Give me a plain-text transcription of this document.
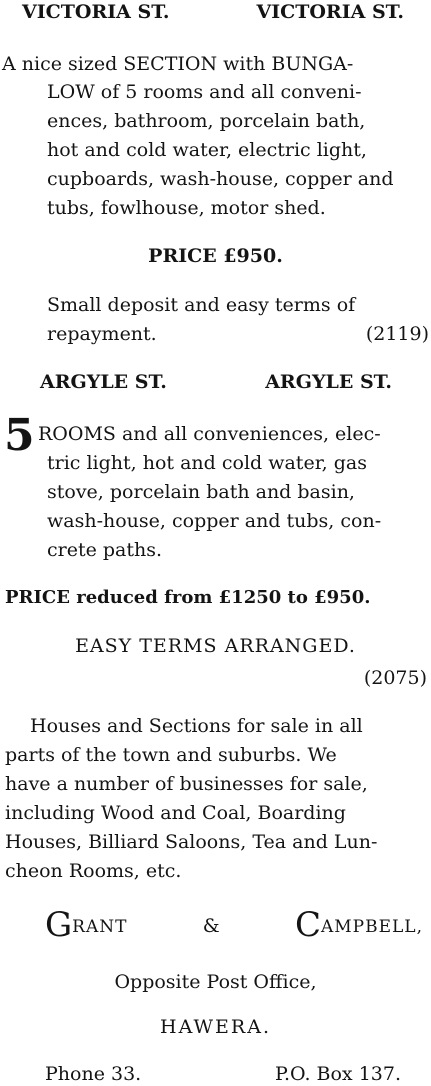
VICTORIA ST.	VICTORIA ST.
A nice sized SECTION with BUNGA-
LOW of 5 rooms and all conveni-
ences, bathroom, porcelain bath,
hot and cold water, electric light,
cupboards, wash-house, copper and
tubs, fowlhouse, motor shed.
PRICE £950.
Small deposit and easy terms of
repayment.	(2119)
ARGYLE ST.	ARGYLE ST.
5 ROOMS and all conveniences, elec-
tric light, hot and cold water, gas
stove, porcelain bath and basin,
wash-house, copper and tubs, con-
crete paths.
PRICE reduced from £1250 to £950.
EASY TERMS ARRANGED.
(2075)
Houses and Sections for sale in all
parts of the town and suburbs. We
have a number of businesses for sale,
including Wood and Coal, Boarding
Houses, Billiard Saloons, Tea and Lun-
cheon Rooms, etc.
GRANT	& CAMPBELL,
Opposite Post Office,
HAWERA.
Phone 33.	P.O. Box 137.
